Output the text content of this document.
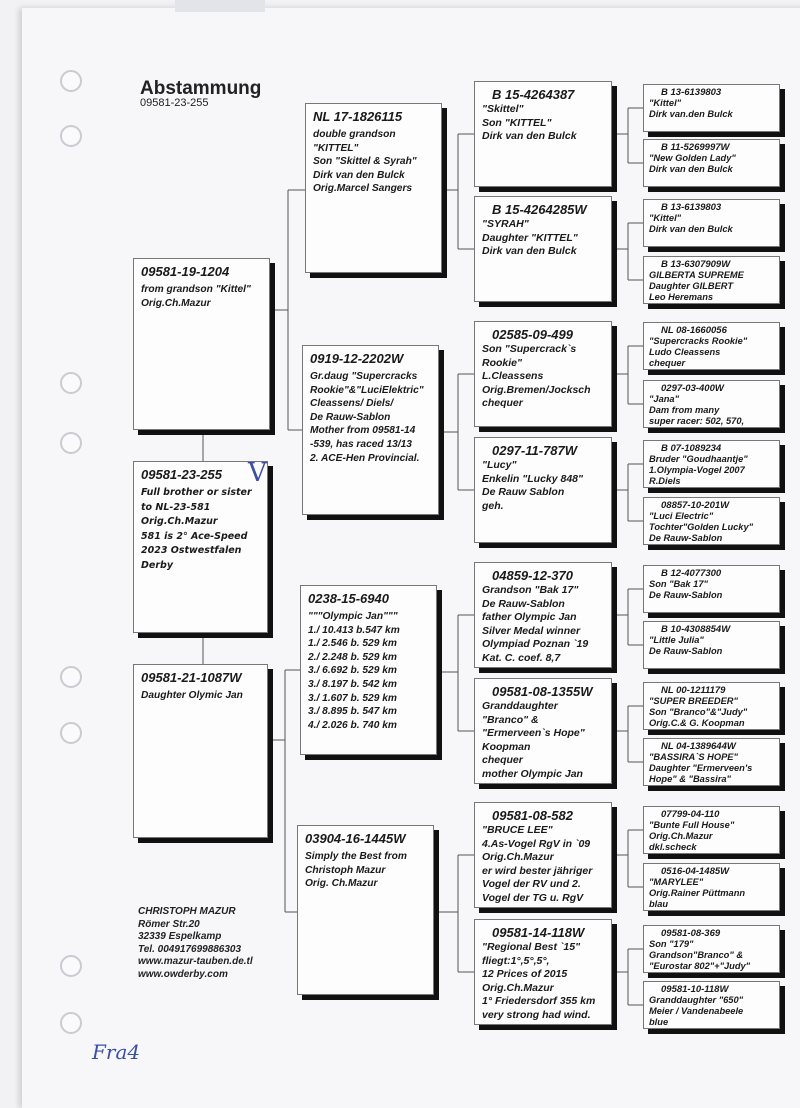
Abstammung
09581-23-255
09581-23-255
Full brother or sister
to NL-23-581
Orig.Ch.Mazur
581 is 2° Ace-Speed
2023 Ostwestfalen
Derby
09581-19-1204
from grandson "Kittel"
Orig.Ch.Mazur
09581-21-1087W
Daughter Olymic Jan
NL 17-1826115
double grandson
"KITTEL"
Son "Skittel & Syrah"
Dirk van den Bulck
Orig.Marcel Sangers
0919-12-2202W
Gr.daug "Supercracks
Rookie"&"LuciElektric"
Cleassens/ Diels/
De Rauw-Sablon
Mother from 09581-14
-539, has raced 13/13
2. ACE-Hen Provincial.
0238-15-6940
"""Olympic Jan"""
1./ 10.413 b.547 km
1./ 2.546 b. 529 km
2./ 2.248 b. 529 km
3./ 6.692 b. 529 km
3./ 8.197 b. 542 km
3./ 1.607 b. 529 km
3./ 8.895 b. 547 km
4./ 2.026 b. 740 km
03904-16-1445W
Simply the Best from
Christoph Mazur
Orig. Ch.Mazur
B 15-4264387
"Skittel"
Son "KITTEL"
Dirk van den Bulck
B 15-4264285W
"SYRAH"
Daughter "KITTEL"
Dirk van den Bulck
02585-09-499
Son "Supercrack`s
Rookie"
L.Cleassens
Orig.Bremen/Jocksch
chequer
0297-11-787W
"Lucy"
Enkelin "Lucky 848"
De Rauw Sablon
geh.
04859-12-370
Grandson "Bak 17"
De Rauw-Sablon
father Olympic Jan
Silver Medal winner
Olympiad Poznan `19
Kat. C. coef. 8,7
09581-08-1355W
Granddaughter
"Branco" &
"Ermerveen`s Hope"
Koopman
chequer
mother Olympic Jan
09581-08-582
"BRUCE LEE"
4.As-Vogel RgV in `09
Orig.Ch.Mazur
er wird bester jähriger
Vogel der RV und 2.
Vogel der TG u. RgV
09581-14-118W
"Regional Best `15"
fliegt:1°,5°,5°,
12 Prices of 2015
Orig.Ch.Mazur
1° Friedersdorf 355 km
very strong had wind.
B 13-6139803
"Kittel"
Dirk van.den Bulck
B 11-5269997W
"New Golden Lady"
Dirk van den Bulck
B 13-6139803
"Kittel"
Dirk van den Bulck
B 13-6307909W
GILBERTA SUPREME
Daughter GILBERT
Leo Heremans
NL 08-1660056
"Supercracks Rookie"
Ludo Cleassens
chequer
0297-03-400W
"Jana"
Dam from many
super racer: 502, 570,
B 07-1089234
Bruder "Goudhaantje"
1.Olympia-Vogel 2007
R.Diels
08857-10-201W
"Luci Electric"
Tochter"Golden Lucky"
De Rauw-Sablon
B 12-4077300
Son "Bak 17"
De Rauw-Sablon
B 10-4308854W
"Little Julia"
De Rauw-Sablon
NL 00-1211179
"SUPER BREEDER"
Son "Branco"&"Judy"
Orig.C.& G. Koopman
NL 04-1389644W
"BASSIRA`S HOPE"
Daughter "Ermerveen's
Hope" & "Bassira"
07799-04-110
"Bunte Full House"
Orig.Ch.Mazur
dkl.scheck
0516-04-1485W
"MARYLEE"
Orig.Rainer Püttmann
blau
09581-08-369
Son "179"
Grandson"Branco" &
"Eurostar 802"+"Judy"
09581-10-118W
Granddaughter "650"
Meier / Vandenabeele
blue
CHRISTOPH MAZUR
Römer Str.20
32339 Espelkamp
Tel. 004917699886303
www.mazur-tauben.de.tl
www.owderby.com
V
Fra4
